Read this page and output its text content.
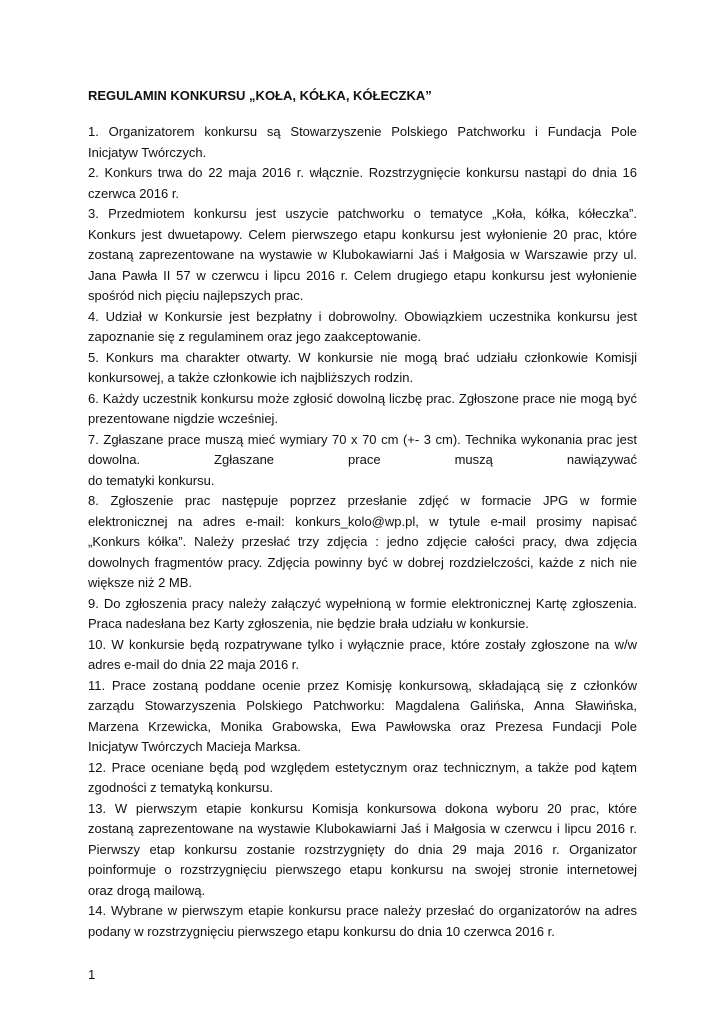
REGULAMIN KONKURSU „KOŁA, KÓŁKA, KÓŁECZKA”
1. Organizatorem konkursu są Stowarzyszenie Polskiego Patchworku i Fundacja Pole
Inicjatyw Twórczych.
2. Konkurs trwa do 22 maja 2016 r. włącznie. Rozstrzygnięcie konkursu nastąpi do dnia 16
czerwca 2016 r.
3. Przedmiotem konkursu jest uszycie patchworku o tematyce „Koła, kółka, kółeczka”.
Konkurs jest dwuetapowy. Celem pierwszego etapu konkursu jest wyłonienie 20 prac, które
zostaną zaprezentowane na wystawie w Klubokawiarni Jaś i Małgosia w Warszawie przy ul.
Jana Pawła II 57 w czerwcu i lipcu 2016 r. Celem drugiego etapu konkursu jest wyłonienie
spośród nich pięciu najlepszych prac.
4. Udział w Konkursie jest bezpłatny i dobrowolny. Obowiązkiem uczestnika konkursu jest
zapoznanie się z regulaminem oraz jego zaakceptowanie.
5. Konkurs ma charakter otwarty. W konkursie nie mogą brać udziału członkowie Komisji
konkursowej, a także członkowie ich najbliższych rodzin.
6. Każdy uczestnik konkursu może zgłosić dowolną liczbę prac. Zgłoszone prace nie mogą być
prezentowane nigdzie wcześniej.
7. Zgłaszane prace muszą mieć wymiary 70 x 70 cm (+- 3 cm). Technika wykonania prac jest
dowolna. Zgłaszane prace muszą nawiązywać
do tematyki konkursu.
8. Zgłoszenie prac następuje poprzez przesłanie zdjęć w formacie JPG w formie
elektronicznej na adres e-mail: konkurs_kolo@wp.pl, w tytule e-mail prosimy napisać
„Konkurs kółka”. Należy przesłać trzy zdjęcia : jedno zdjęcie całości pracy, dwa zdjęcia
dowolnych fragmentów pracy. Zdjęcia powinny być w dobrej rozdzielczości, każde z nich nie
większe niż 2 MB.
9. Do zgłoszenia pracy należy załączyć wypełnioną w formie elektronicznej Kartę zgłoszenia.
Praca nadesłana bez Karty zgłoszenia, nie będzie brała udziału w konkursie.
10. W konkursie będą rozpatrywane tylko i wyłącznie prace, które zostały zgłoszone na w/w
adres e-mail do dnia 22 maja 2016 r.
11. Prace zostaną poddane ocenie przez Komisję konkursową, składającą się z członków
zarządu Stowarzyszenia Polskiego Patchworku: Magdalena Galińska, Anna Sławińska,
Marzena Krzewicka, Monika Grabowska, Ewa Pawłowska oraz Prezesa Fundacji Pole
Inicjatyw Twórczych Macieja Marksa.
12. Prace oceniane będą pod względem estetycznym oraz technicznym, a także pod kątem
zgodności z tematyką konkursu.
13. W pierwszym etapie konkursu Komisja konkursowa dokona wyboru 20 prac, które
zostaną zaprezentowane na wystawie Klubokawiarni Jaś i Małgosia w czerwcu i lipcu 2016 r.
Pierwszy etap konkursu zostanie rozstrzygnięty do dnia 29 maja 2016 r. Organizator
poinformuje o rozstrzygnięciu pierwszego etapu konkursu na swojej stronie internetowej
oraz drogą mailową.
14. Wybrane w pierwszym etapie konkursu prace należy przesłać do organizatorów na adres
podany w rozstrzygnięciu pierwszego etapu konkursu do dnia 10 czerwca 2016 r.
1
